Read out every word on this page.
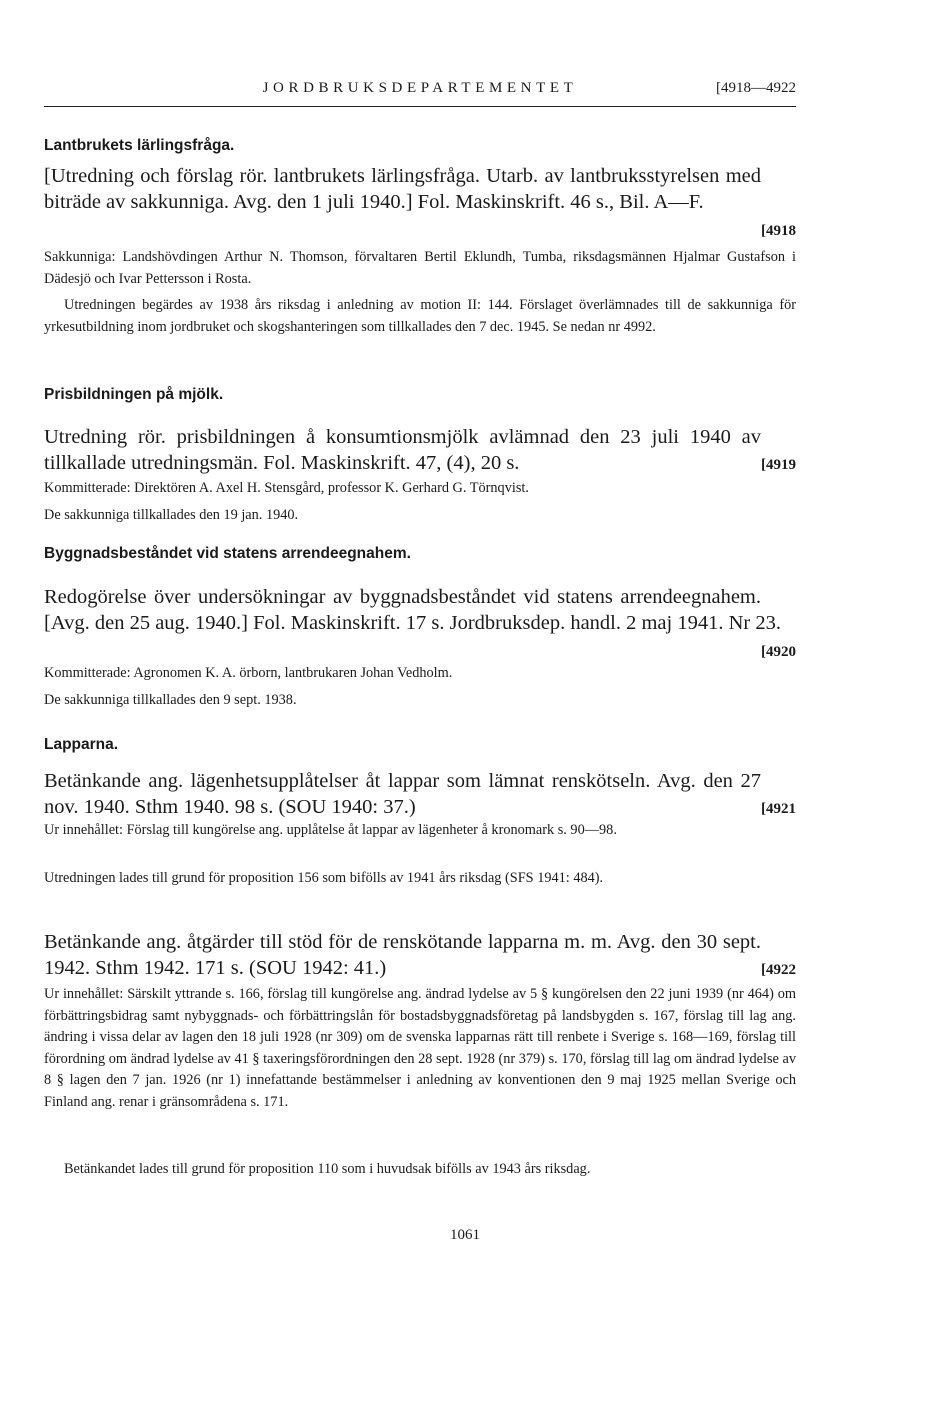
JORDBRUKSDEPARTEMENTET	[4918—4922
Lantbrukets lärlingsfråga.

[4918
[Utredning och förslag rör. lantbrukets lärlingsfråga. Utarb. av lantbruksstyrelsen med biträde av sakkunniga. Avg. den 1 juli 1940.] Fol. Maskinskrift. 46 s., Bil. A—F.

Sakkunniga: Landshövdingen Arthur N. Thomson, förvaltaren Bertil Eklundh, Tumba, riksdagsmännen Hjalmar Gustafson i Dädesjö och Ivar Pettersson i Rosta.

Utredningen begärdes av 1938 års riksdag i anledning av motion II: 144. Förslaget överlämnades till de sakkunniga för yrkesutbildning inom jordbruket och skogshanteringen som tillkallades den 7 dec. 1945. Se nedan nr 4992.

Prisbildningen på mjölk.

[4919
Utredning rör. prisbildningen å konsumtionsmjölk avlämnad den 23 juli 1940 av tillkallade utredningsmän. Fol. Maskinskrift. 47, (4), 20 s.

Kommitterade: Direktören A. Axel H. Stensgård, professor K. Gerhard G. Törnqvist.

De sakkunniga tillkallades den 19 jan. 1940.

Byggnadsbeståndet vid statens arrendeegnahem.

[4920
Redogörelse över undersökningar av byggnadsbeståndet vid statens arrendeegnahem. [Avg. den 25 aug. 1940.] Fol. Maskinskrift. 17 s. Jordbruksdep. handl. 2 maj 1941. Nr 23.

Kommitterade: Agronomen K. A. örborn, lantbrukaren Johan Vedholm.

De sakkunniga tillkallades den 9 sept. 1938.

Lapparna.

[4921
Betänkande ang. lägenhetsupplåtelser åt lappar som lämnat renskötseln. Avg. den 27 nov. 1940. Sthm 1940. 98 s. (SOU 1940: 37.)

Ur innehållet: Förslag till kungörelse ang. upplåtelse åt lappar av lägenheter å kronomark s. 90—98.

Utredningen lades till grund för proposition 156 som bifölls av 1941 års riksdag (SFS 1941: 484).

[4922
Betänkande ang. åtgärder till stöd för de renskötande lapparna m. m. Avg. den 30 sept. 1942. Sthm 1942. 171 s. (SOU 1942: 41.)

Ur innehållet: Särskilt yttrande s. 166, förslag till kungörelse ang. ändrad lydelse av 5 § kungörelsen den 22 juni 1939 (nr 464) om förbättringsbidrag samt nybyggnads- och förbättringslån för bostadsbyggnadsföretag på landsbygden s. 167, förslag till lag ang. ändring i vissa delar av lagen den 18 juli 1928 (nr 309) om de svenska lapparnas rätt till renbete i Sverige s. 168—169, förslag till förordning om ändrad lydelse av 41 § taxeringsförordningen den 28 sept. 1928 (nr 379) s. 170, förslag till lag om ändrad lydelse av 8 § lagen den 7 jan. 1926 (nr 1) innefattande bestämmelser i anledning av konventionen den 9 maj 1925 mellan Sverige och Finland ang. renar i gränsområdena s. 171.

Betänkandet lades till grund för proposition 110 som i huvudsak bifölls av 1943 års riksdag.

1061
